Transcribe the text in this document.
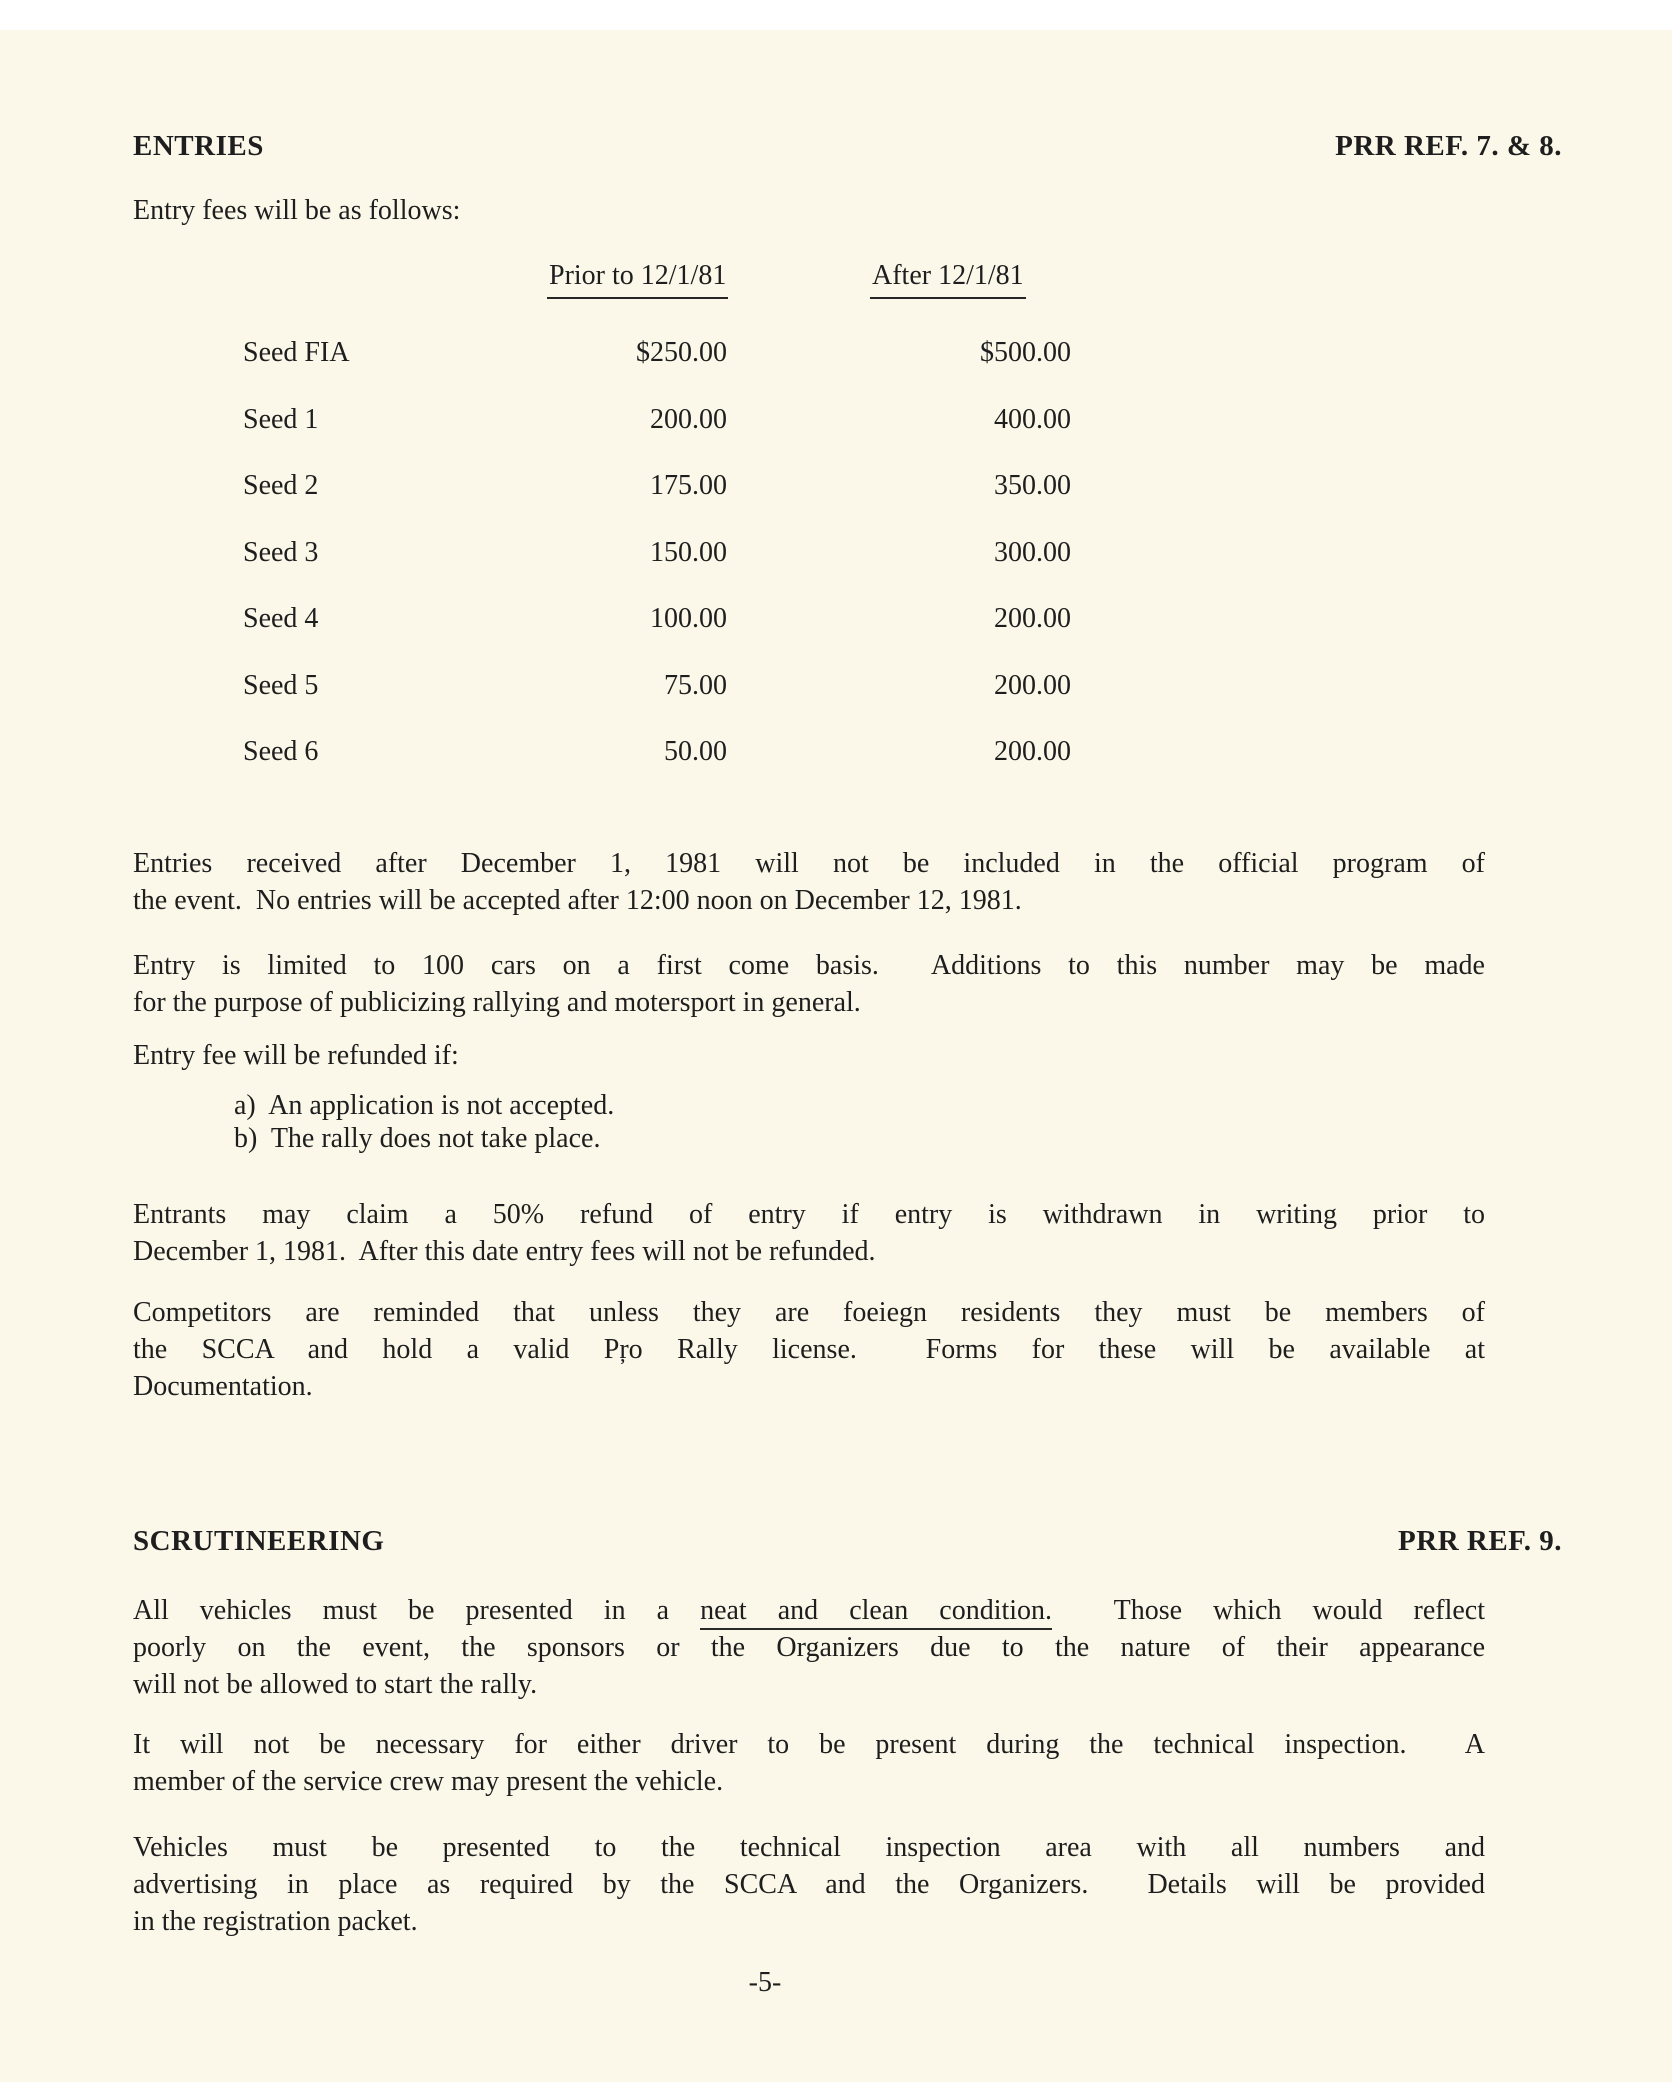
ENTRIES	PRR REF. 7. & 8.
Entry fees will be as follows:
Prior to 12/1/81	After 12/1/81
Seed FIA	$250.00	$500.00
Seed 1	200.00	400.00
Seed 2	175.00	350.00
Seed 3	150.00	300.00
Seed 4	100.00	200.00
Seed 5	75.00	200.00
Seed 6	50.00	200.00
Entries received after December 1, 1981 will not be included in the official program of
the event.  No entries will be accepted after 12:00 noon on December 12, 1981.
Entry is limited to 100 cars on a first come basis.  Additions to this number may be made
for the purpose of publicizing rallying and motersport in general.
Entry fee will be refunded if:
a)  An application is not accepted.
b)  The rally does not take place.
Entrants may claim a 50% refund of entry if entry is withdrawn in writing prior to
December 1, 1981.  After this date entry fees will not be refunded.
Competitors are reminded that unless they are foeiegn residents they must be members of
the SCCA and hold a valid Pŗo Rally license.  Forms for these will be available at
Documentation.
SCRUTINEERING	PRR REF. 9.
All vehicles must be presented in a neat and clean condition.  Those which would reflect
poorly on the event, the sponsors or the Organizers due to the nature of their appearance
will not be allowed to start the rally.
It will not be necessary for either driver to be present during the technical inspection.  A
member of the service crew may present the vehicle.
Vehicles must be presented to the technical inspection area with all numbers and
advertising in place as required by the SCCA and the Organizers.  Details will be provided
in the registration packet.
-5-
